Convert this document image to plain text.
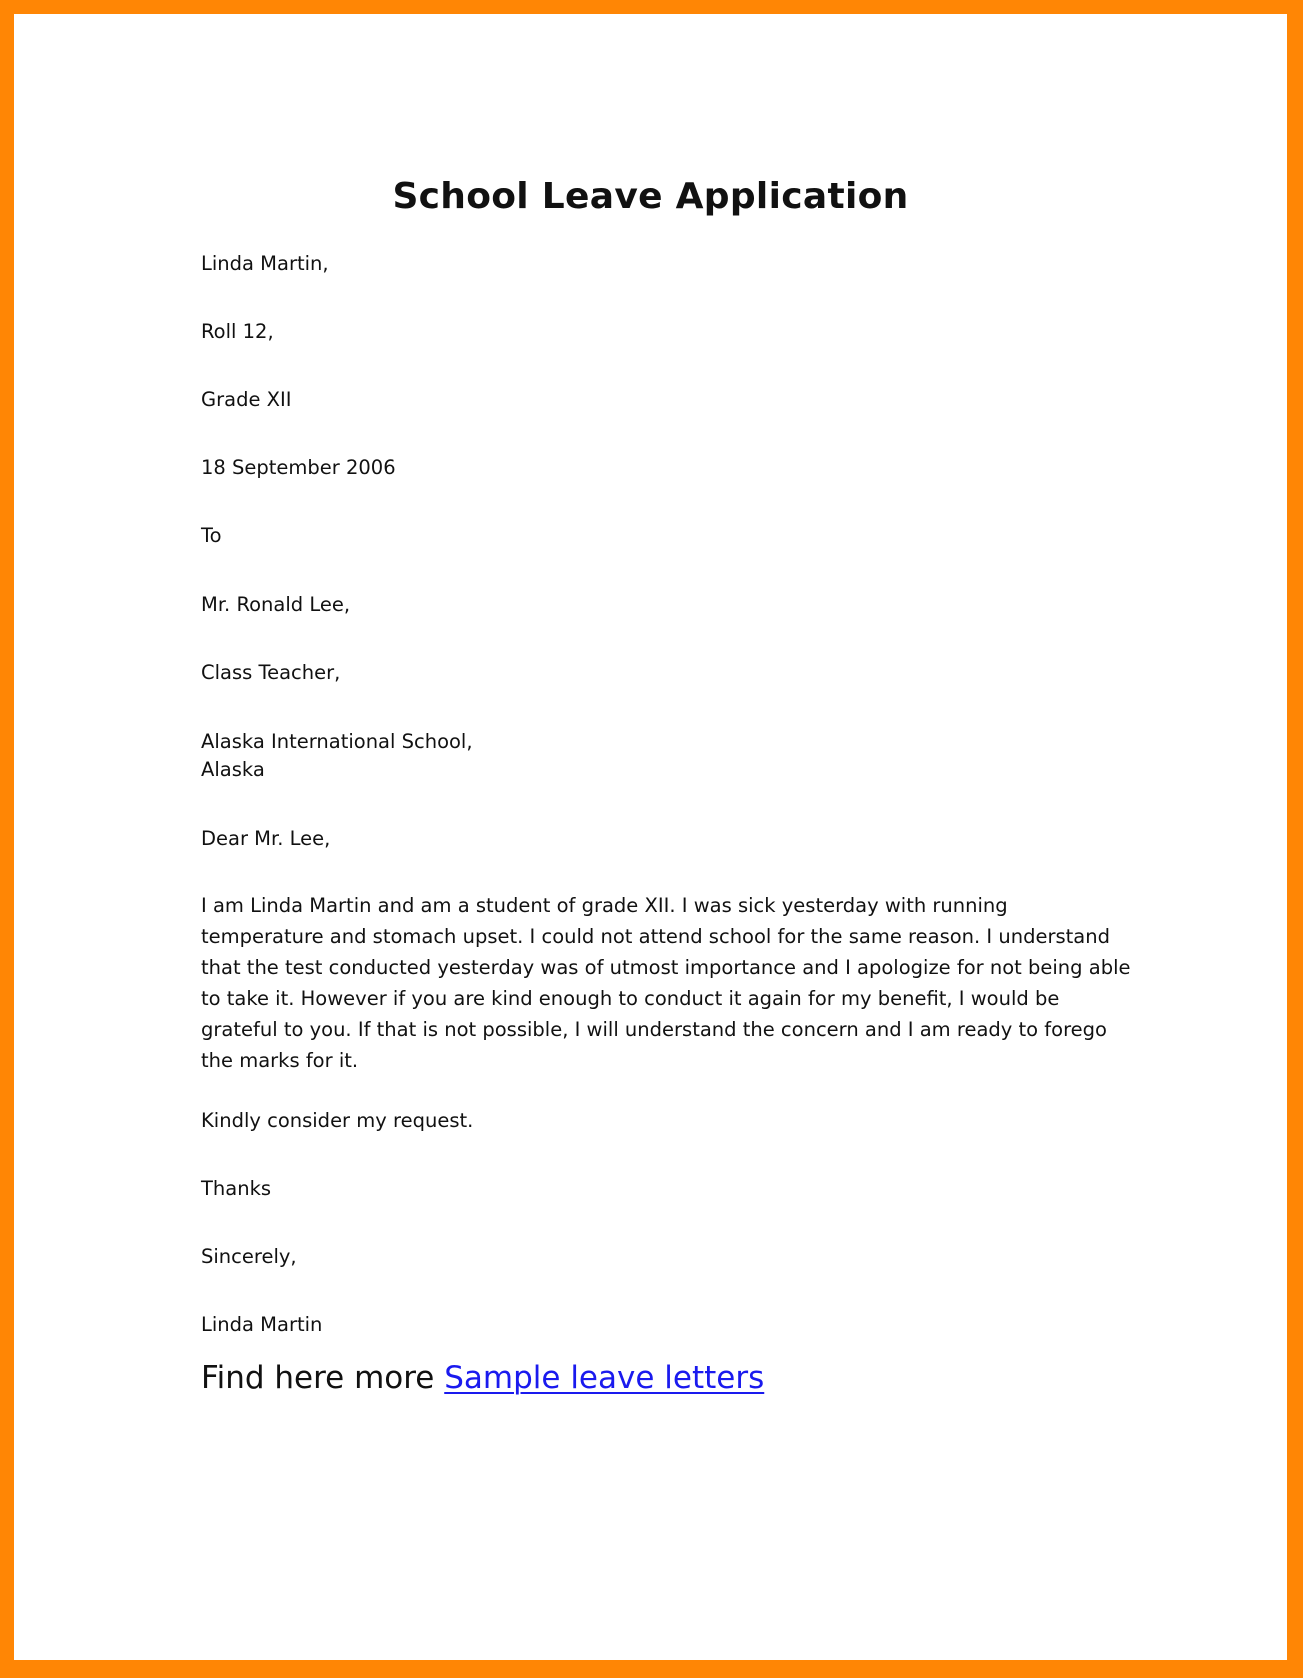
School Leave Application
Linda Martin,
Roll 12,
Grade XII
18 September 2006
To
Mr. Ronald Lee,
Class Teacher,
Alaska International School,
Alaska
Dear Mr. Lee,
I am Linda Martin and am a student of grade XII. I was sick yesterday with running
temperature and stomach upset. I could not attend school for the same reason. I understand
that the test conducted yesterday was of utmost importance and I apologize for not being able
to take it. However if you are kind enough to conduct it again for my benefit, I would be
grateful to you. If that is not possible, I will understand the concern and I am ready to forego
the marks for it.
Kindly consider my request.
Thanks
Sincerely,
Linda Martin
Find here more Sample leave letters
